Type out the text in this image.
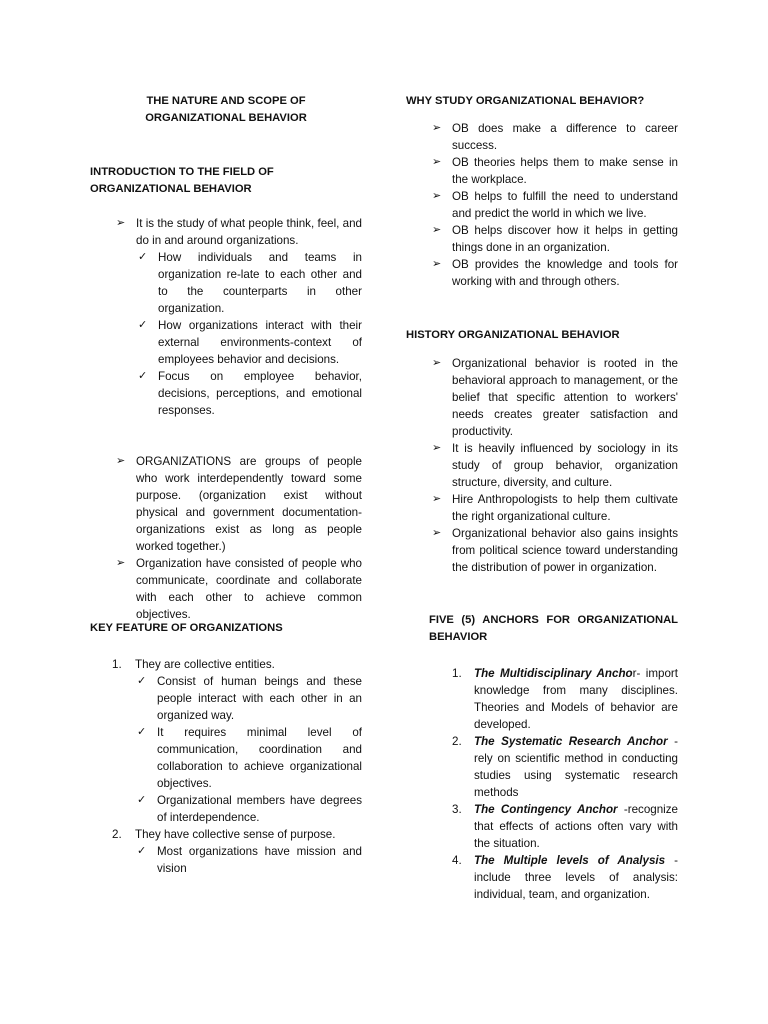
THE NATURE AND SCOPE OF ORGANIZATIONAL BEHAVIOR

INTRODUCTION TO THE FIELD OF ORGANIZATIONAL BEHAVIOR

➢ It is the study of what people think, feel, and do in and around organizations.
✓ How individuals and teams in organization re-late to each other and to the counterparts in other organization.
✓ How organizations interact with their external environments-context of employees behavior and decisions.
✓ Focus on employee behavior, decisions, perceptions, and emotional responses.
➢ ORGANIZATIONS are groups of people who work interdependently toward some purpose. (organization exist without physical and government documentation-organizations exist as long as people worked together.)
➢ Organization have consisted of people who communicate, coordinate and collaborate with each other to achieve common objectives.

KEY FEATURE OF ORGANIZATIONS

1. They are collective entities.
✓ Consist of human beings and these people interact with each other in an organized way.
✓ It requires minimal level of communication, coordination and collaboration to achieve organizational objectives.
✓ Organizational members have degrees of interdependence.
2. They have collective sense of purpose.
✓ Most organizations have mission and vision

WHY STUDY ORGANIZATIONAL BEHAVIOR?

➢ OB does make a difference to career success.
➢ OB theories helps them to make sense in the workplace.
➢ OB helps to fulfill the need to understand and predict the world in which we live.
➢ OB helps discover how it helps in getting things done in an organization.
➢ OB provides the knowledge and tools for working with and through others.

HISTORY ORGANIZATIONAL BEHAVIOR

➢ Organizational behavior is rooted in the behavioral approach to management, or the belief that specific attention to workers' needs creates greater satisfaction and productivity.
➢ It is heavily influenced by sociology in its study of group behavior, organization structure, diversity, and culture.
➢ Hire Anthropologists to help them cultivate the right organizational culture.
➢ Organizational behavior also gains insights from political science toward understanding the distribution of power in organization.

FIVE (5) ANCHORS FOR ORGANIZATIONAL BEHAVIOR

1. The Multidisciplinary Anchor- import knowledge from many disciplines. Theories and Models of behavior are developed.
2. The Systematic Research Anchor - rely on scientific method in conducting studies using systematic research methods
3. The Contingency Anchor -recognize that effects of actions often vary with the situation.
4. The Multiple levels of Analysis - include three levels of analysis: individual, team, and organization.
